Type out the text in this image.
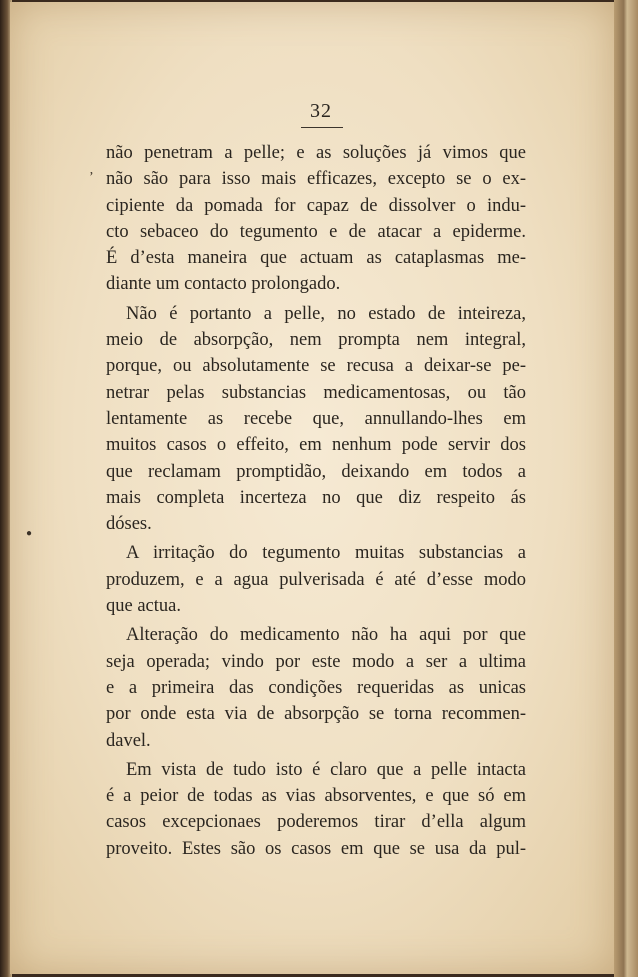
32
ʼ
●
não penetram a pelle; e as soluções já vimos que
não são para isso mais efficazes, excepto se o ex-
cipiente da pomada for capaz de dissolver o indu-
cto sebaceo do tegumento e de atacar a epiderme.
É d’esta maneira que actuam as cataplasmas me-
diante um contacto prolongado.
Não é portanto a pelle, no estado de inteireza,
meio de absorpção, nem prompta nem integral,
porque, ou absolutamente se recusa a deixar-se pe-
netrar pelas substancias medicamentosas, ou tão
lentamente as recebe que, annullando-lhes em
muitos casos o effeito, em nenhum pode servir dos
que reclamam promptidão, deixando em todos a
mais completa incerteza no que diz respeito ás
dóses.
A irritação do tegumento muitas substancias a
produzem, e a agua pulverisada é até d’esse modo
que actua.
Alteração do medicamento não ha aqui por que
seja operada; vindo por este modo a ser a ultima
e a primeira das condições requeridas as unicas
por onde esta via de absorpção se torna recommen-
davel.
Em vista de tudo isto é claro que a pelle intacta
é a peior de todas as vias absorventes, e que só em
casos excepcionaes poderemos tirar d’ella algum
proveito. Estes são os casos em que se usa da pul-
